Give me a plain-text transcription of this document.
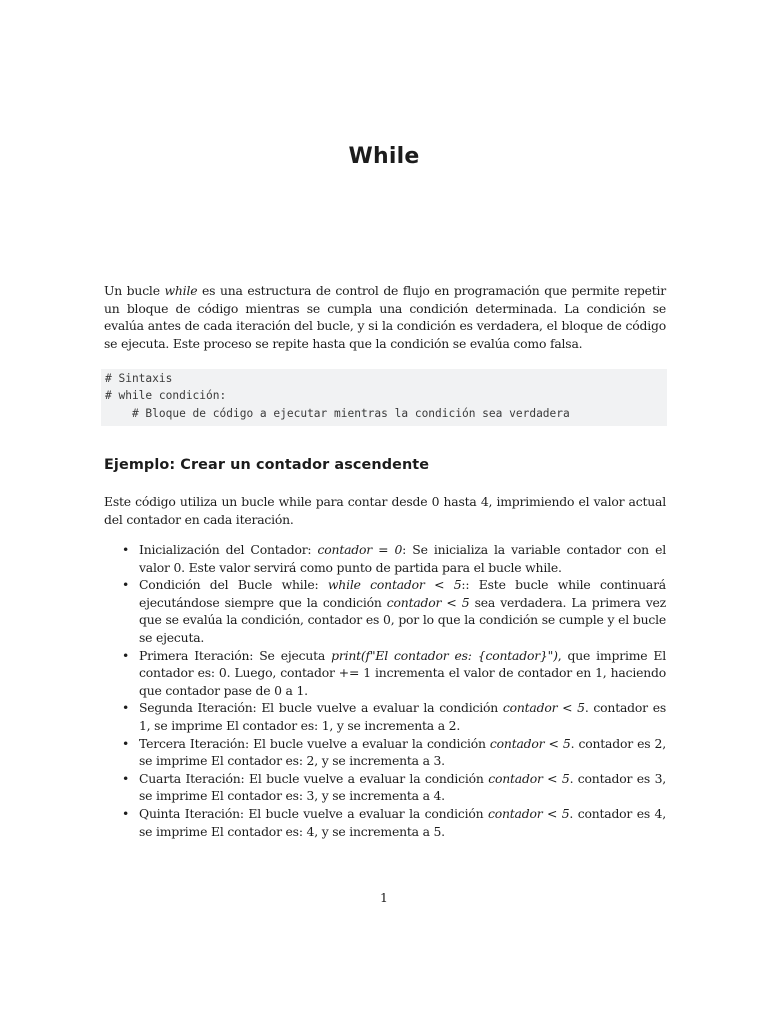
While

Un bucle while es una estructura de control de flujo en programación que permite repetir un bloque de código mientras se cumpla una condición determinada. La condición se evalúa antes de cada iteración del bucle, y si la condición es verdadera, el bloque de código se ejecuta. Este proceso se repite hasta que la condición se evalúa como falsa.

# Sintaxis
# while condición:
# Bloque de código a ejecutar mientras la condición sea verdadera
Ejemplo: Crear un contador ascendente

Este código utiliza un bucle while para contar desde 0 hasta 4, imprimiendo el valor actual del contador en cada iteración.

• Inicialización del Contador: contador = 0: Se inicializa la variable contador con el valor 0. Este valor servirá como punto de partida para el bucle while.
• Condición del Bucle while: while contador < 5:: Este bucle while continuará ejecutándose siempre que la condición contador < 5 sea verdadera. La primera vez que se evalúa la condición, contador es 0, por lo que la condición se cumple y el bucle se ejecuta.
• Primera Iteración: Se ejecuta print(f"El contador es: {contador}"), que imprime El contador es: 0. Luego, contador += 1 incrementa el valor de contador en 1, haciendo que contador pase de 0 a 1.
• Segunda Iteración: El bucle vuelve a evaluar la condición contador < 5. contador es 1, se imprime El contador es: 1, y se incrementa a 2.
• Tercera Iteración: El bucle vuelve a evaluar la condición contador < 5. contador es 2, se imprime El contador es: 2, y se incrementa a 3.
• Cuarta Iteración: El bucle vuelve a evaluar la condición contador < 5. contador es 3, se imprime El contador es: 3, y se incrementa a 4.
• Quinta Iteración: El bucle vuelve a evaluar la condición contador < 5. contador es 4, se imprime El contador es: 4, y se incrementa a 5.
1
